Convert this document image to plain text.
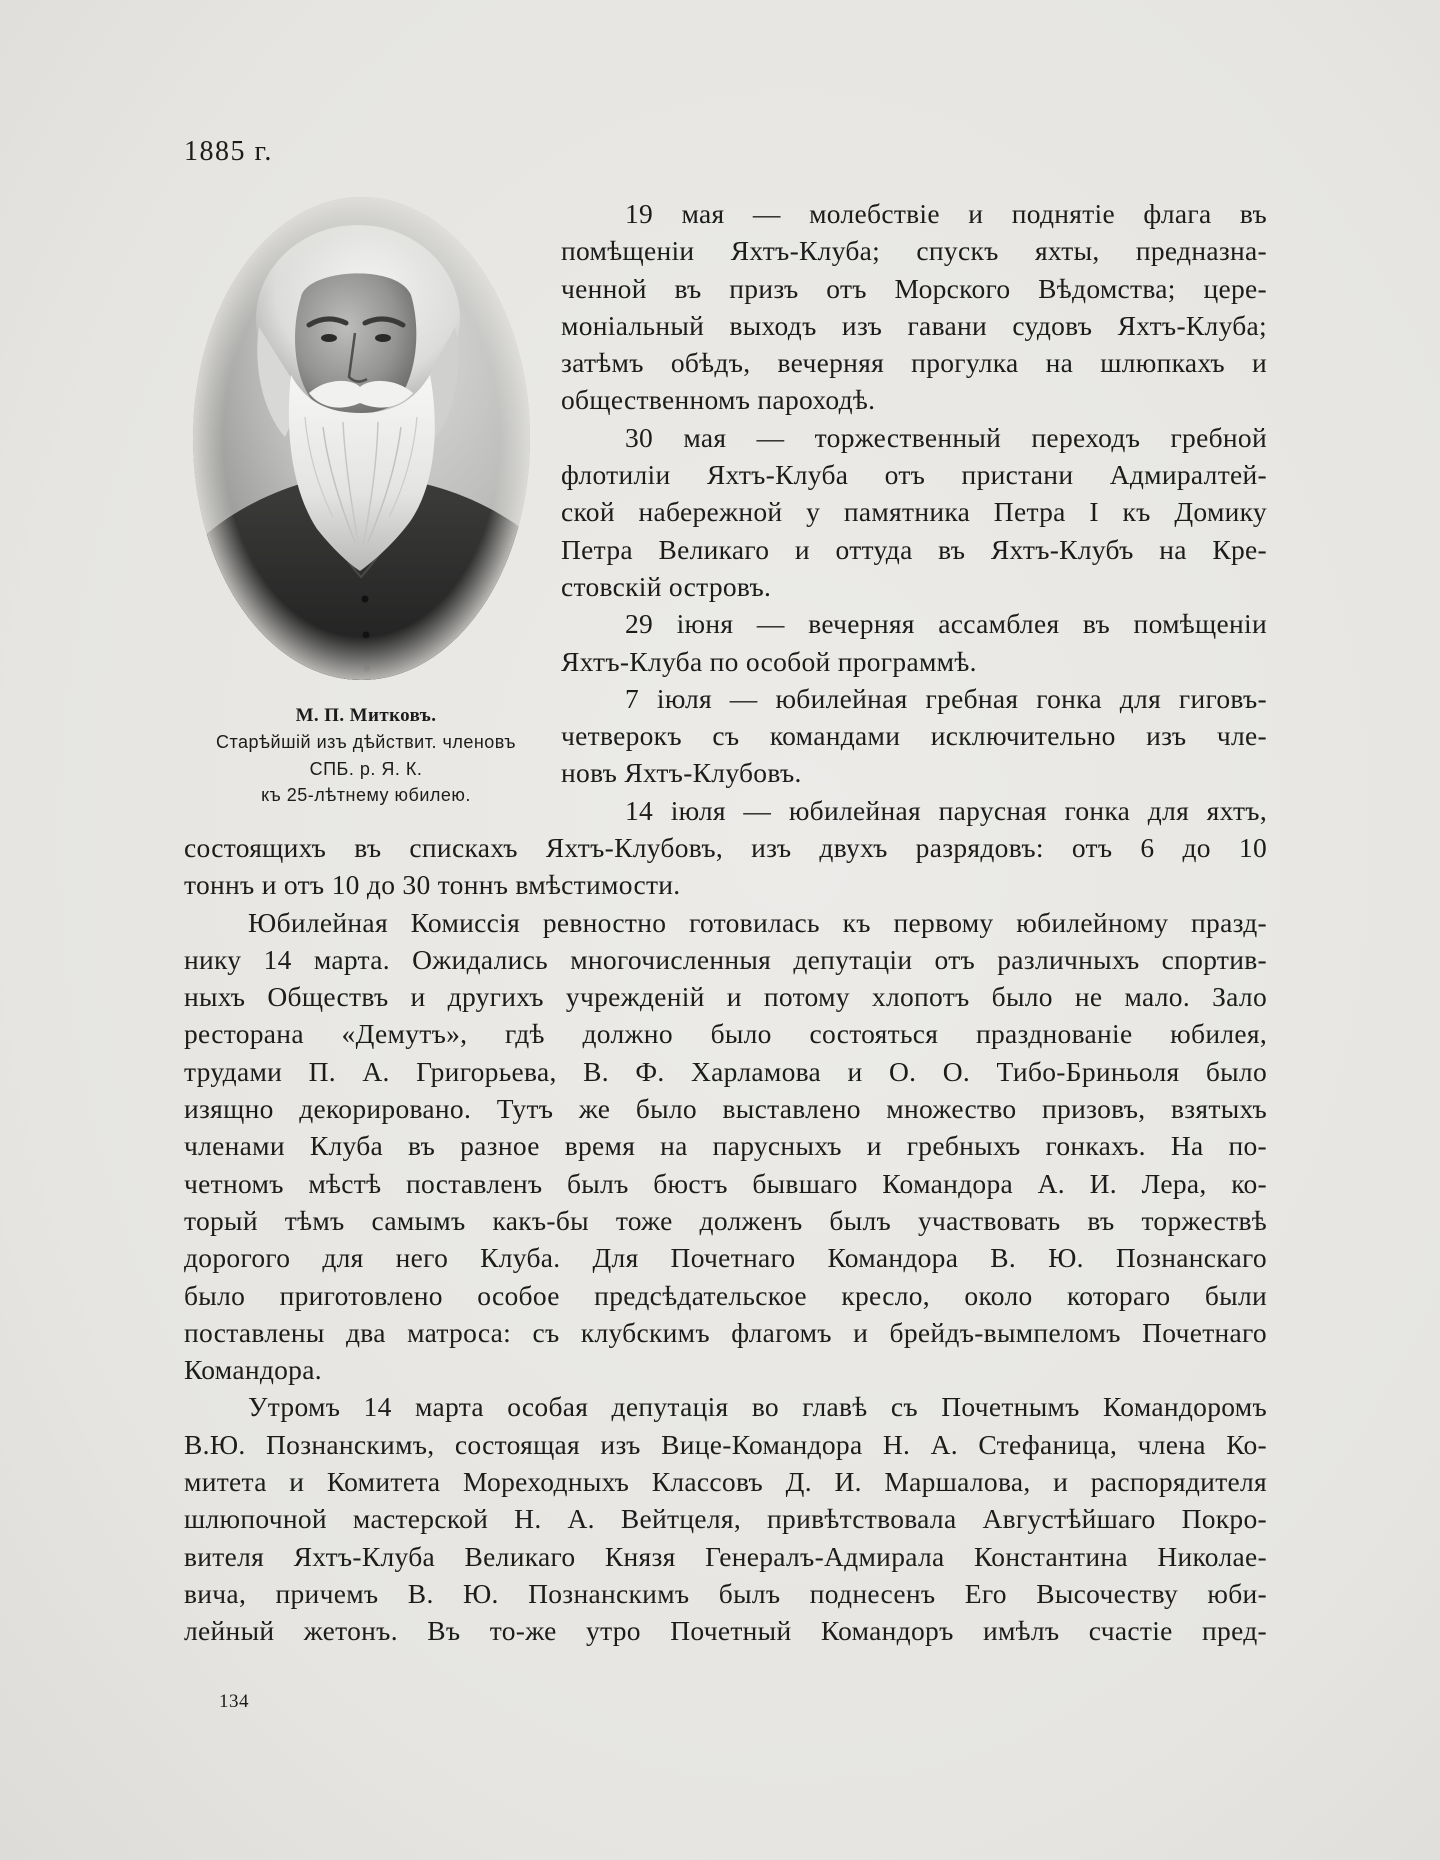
1885 г.
М. П. Митковъ.
Старѣйшій изъ дѣйствит. членовъ
СПБ. р. Я. К.
къ 25-лѣтнему юбилею.
19 мая — молебствіе и поднятіе флага въ
помѣщеніи Яхтъ-Клуба; спускъ яхты, предназна-
ченной въ призъ отъ Морского Вѣдомства; цере-
моніальный выходъ изъ гавани судовъ Яхтъ-Клуба;
затѣмъ обѣдъ, вечерняя прогулка на шлюпкахъ и
общественномъ пароходѣ.
30 мая — торжественный переходъ гребной
флотиліи Яхтъ-Клуба отъ пристани Адмиралтей-
ской набережной у памятника Петра I къ Домику
Петра Великаго и оттуда въ Яхтъ-Клубъ на Кре-
стовскій островъ.
29 іюня — вечерняя ассамблея въ помѣщеніи
Яхтъ-Клуба по особой программѣ.
7 іюля — юбилейная гребная гонка для гиговъ-
четверокъ съ командами исключительно изъ чле-
новъ Яхтъ-Клубовъ.
14 іюля — юбилейная парусная гонка для яхтъ,
состоящихъ въ спискахъ Яхтъ-Клубовъ, изъ двухъ разрядовъ: отъ 6 до 10
тоннъ и отъ 10 до 30 тоннъ вмѣстимости.
Юбилейная Комиссія ревностно готовилась къ первому юбилейному празд-
нику 14 марта. Ожидались многочисленныя депутаціи отъ различныхъ спортив-
ныхъ Обществъ и другихъ учрежденій и потому хлопотъ было не мало. Зало
ресторана «Демутъ», гдѣ должно было состояться празднованіе юбилея,
трудами П. А. Григорьева, В. Ф. Харламова и О. О. Тибо-Бриньоля было
изящно декорировано. Тутъ же было выставлено множество призовъ, взятыхъ
членами Клуба въ разное время на парусныхъ и гребныхъ гонкахъ. На по-
четномъ мѣстѣ поставленъ былъ бюстъ бывшаго Командора А. И. Лера, ко-
торый тѣмъ самымъ какъ-бы тоже долженъ былъ участвовать въ торжествѣ
дорогого для него Клуба. Для Почетнаго Командора В. Ю. Познанскаго
было приготовлено особое предсѣдательское кресло, около котораго были
поставлены два матроса: съ клубскимъ флагомъ и брейдъ-вымпеломъ Почетнаго
Командора.
Утромъ 14 марта особая депутація во главѣ съ Почетнымъ Командоромъ
В.Ю. Познанскимъ, состоящая изъ Вице-Командора Н. А. Стефаница, члена Ко-
митета и Комитета Мореходныхъ Классовъ Д. И. Маршалова, и распорядителя
шлюпочной мастерской Н. А. Вейтцеля, привѣтствовала Августѣйшаго Покро-
вителя Яхтъ-Клуба Великаго Князя Генералъ-Адмирала Константина Николае-
вича, причемъ В. Ю. Познанскимъ былъ поднесенъ Его Высочеству юби-
лейный жетонъ. Въ то-же утро Почетный Командоръ имѣлъ счастіе пред-
134
